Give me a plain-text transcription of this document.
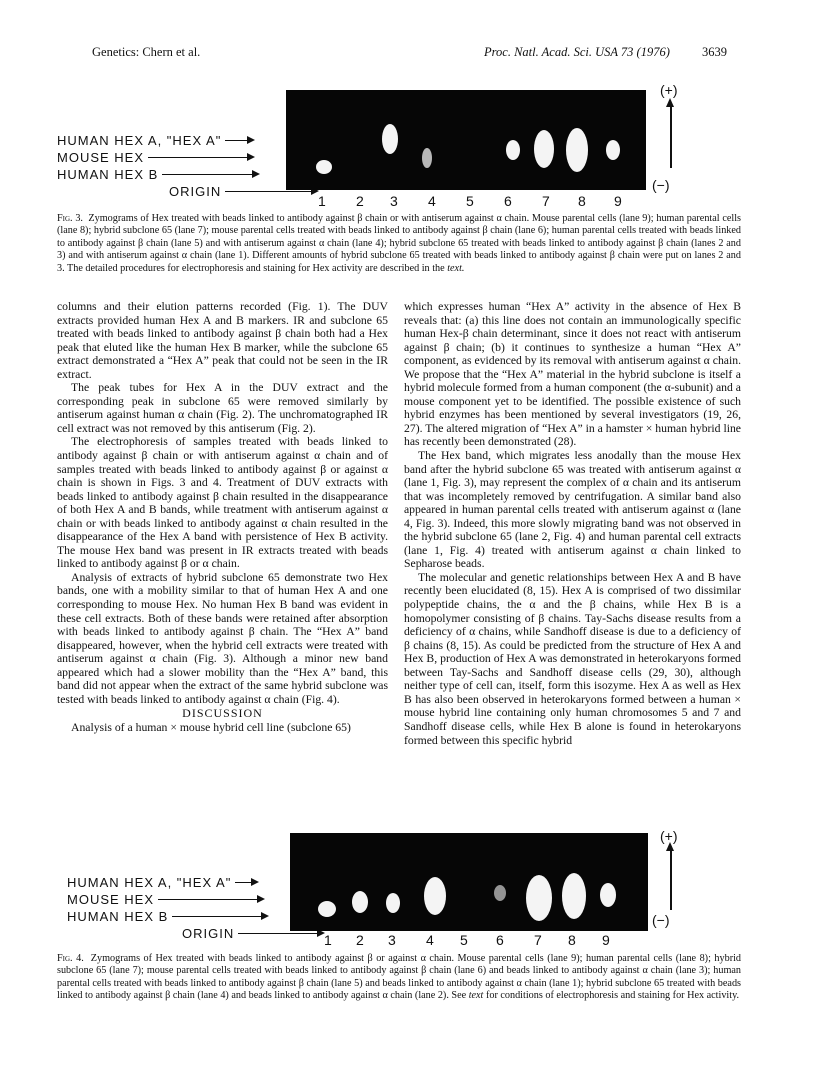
Genetics: Chern et al.	Proc. Natl. Acad. Sci. USA 73 (1976)	3639
HUMAN HEX A, "HEX A"
MOUSE HEX
HUMAN HEX B
ORIGIN
1 2 3 4 5 6 7 8 9
(+)
(−)
Fig. 3. Zymograms of Hex treated with beads linked to antibody against β chain or with antiserum against α chain. Mouse parental cells (lane 9); human parental cells (lane 8); hybrid subclone 65 (lane 7); mouse parental cells treated with beads linked to antibody against β chain (lane 6); human parental cells treated with beads linked to antibody against β chain (lane 5) and with antiserum against α chain (lane 4); hybrid subclone 65 treated with beads linked to antibody against β chain (lanes 2 and 3) and with antiserum against α chain (lane 1). Different amounts of hybrid subclone 65 treated with beads linked to antibody against β chain were put on lanes 2 and 3. The detailed procedures for electrophoresis and staining for Hex activity are described in the text.

columns and their elution patterns recorded (Fig. 1). The DUV extracts provided human Hex A and B markers. IR and subclone 65 treated with beads linked to antibody against β chain both had a Hex peak that eluted like the human Hex B marker, while the subclone 65 extract demonstrated a “Hex A” peak that could not be seen in the IR extract.

The peak tubes for Hex A in the DUV extract and the corresponding peak in subclone 65 were removed similarly by antiserum against human α chain (Fig. 2). The unchromatographed IR cell extract was not removed by this antiserum (Fig. 2).

The electrophoresis of samples treated with beads linked to antibody against β chain or with antiserum against α chain and of samples treated with beads linked to antibody against β or against α chain is shown in Figs. 3 and 4. Treatment of DUV extracts with beads linked to antibody against β chain resulted in the disappearance of both Hex A and B bands, while treatment with antiserum against α chain or with beads linked to antibody against α chain resulted in the disappearance of the Hex A band with persistence of Hex B activity. The mouse Hex band was present in IR extracts treated with beads linked to antibody against β or α chain.

Analysis of extracts of hybrid subclone 65 demonstrate two Hex bands, one with a mobility similar to that of human Hex A and one corresponding to mouse Hex. No human Hex B band was evident in these cell extracts. Both of these bands were retained after absorption with beads linked to antibody against β chain. The “Hex A” band disappeared, however, when the hybrid cell extracts were treated with antiserum against α chain (Fig. 3). Although a minor new band appeared which had a slower mobility than the “Hex A” band, this band did not appear when the extract of the same hybrid subclone was tested with beads linked to antibody against α chain (Fig. 4).

DISCUSSION

Analysis of a human × mouse hybrid cell line (subclone 65)

which expresses human “Hex A” activity in the absence of Hex B reveals that: (a) this line does not contain an immunologically specific human Hex-β chain determinant, since it does not react with antiserum against β chain; (b) it continues to synthesize a human “Hex A” component, as evidenced by its removal with antiserum against α chain. We propose that the “Hex A” material in the hybrid subclone is itself a hybrid molecule formed from a human component (the α-subunit) and a mouse component yet to be identified. The possible existence of such hybrid enzymes has been mentioned by several investigators (19, 26, 27). The altered migration of “Hex A” in a hamster × human hybrid line has recently been demonstrated (28).

The Hex band, which migrates less anodally than the mouse Hex band after the hybrid subclone 65 was treated with antiserum against α (lane 1, Fig. 3), may represent the complex of α chain and its antiserum that was incompletely removed by centrifugation. A similar band also appeared in human parental cells treated with antiserum against α (lane 4, Fig. 3). Indeed, this more slowly migrating band was not observed in the hybrid subclone 65 (lane 2, Fig. 4) and human parental cell extracts (lane 1, Fig. 4) treated with antiserum against α chain linked to Sepharose beads.

The molecular and genetic relationships between Hex A and B have recently been elucidated (8, 15). Hex A is comprised of two dissimilar polypeptide chains, the α and the β chains, while Hex B is a homopolymer consisting of β chains. Tay-Sachs disease results from a deficiency of α chains, while Sandhoff disease is due to a deficiency of β chains (8, 15). As could be predicted from the structure of Hex A and Hex B, production of Hex A was demonstrated in heterokaryons formed between Tay-Sachs and Sandhoff disease cells (29, 30), although neither type of cell can, itself, form this isozyme. Hex A as well as Hex B has also been observed in heterokaryons formed between a human × mouse hybrid line containing only human chromosomes 5 and 7 and Sandhoff disease cells, while Hex B alone is found in heterokaryons formed between this specific hybrid

HUMAN HEX A, "HEX A"
MOUSE HEX
HUMAN HEX B
ORIGIN	1 2 3 4 5 6 7 8 9
(+)
(−)
Fig. 4. Zymograms of Hex treated with beads linked to antibody against β or against α chain. Mouse parental cells (lane 9); human parental cells (lane 8); hybrid subclone 65 (lane 7); mouse parental cells treated with beads linked to antibody against β chain (lane 6) and beads linked to antibody against α chain (lane 3); human parental cells treated with beads linked to antibody against β chain (lane 5) and beads linked to antibody against α chain (lane 1); hybrid subclone 65 treated with beads linked to antibody against β chain (lane 4) and beads linked to antibody against α chain (lane 2). See text for conditions of electrophoresis and staining for Hex activity.
